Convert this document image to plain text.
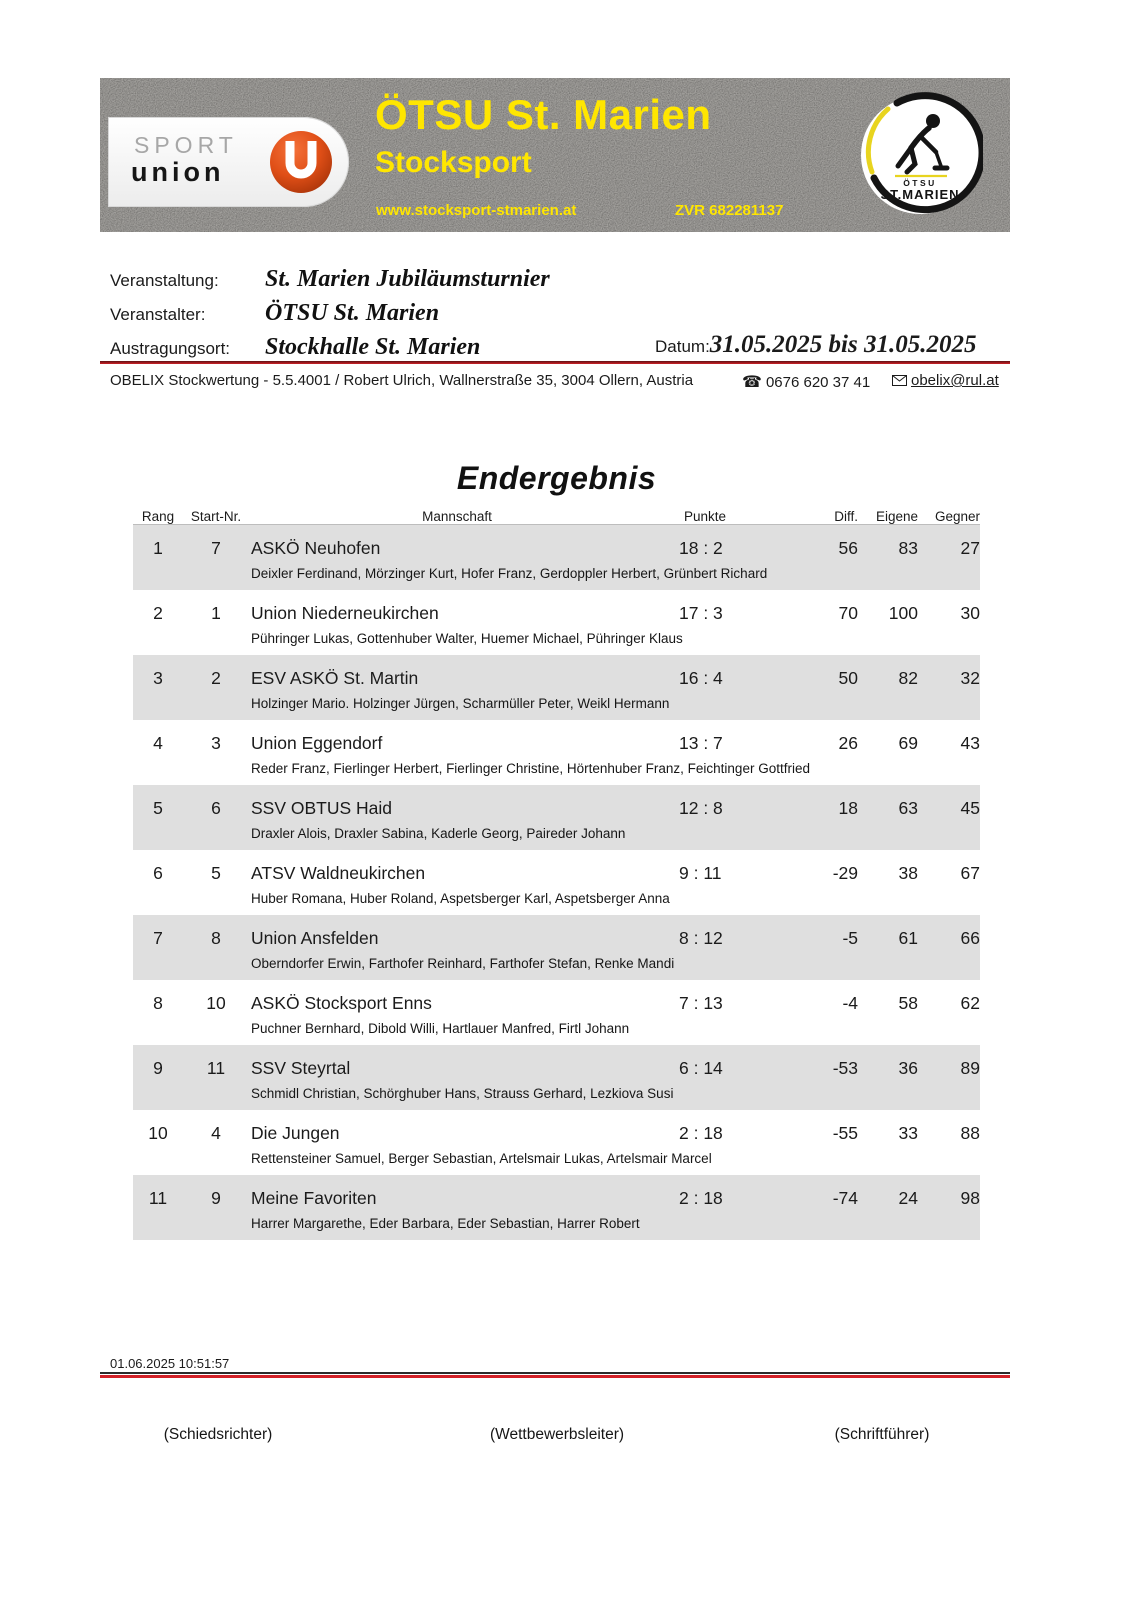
SPORT
union
ÖTSU St. Marien
Stocksport
www.stocksport-stmarien.at	ZVR 682281137
ÖTSU
ST.MARIEN
Veranstaltung:	St. Marien Jubiläumsturnier
Veranstalter:	ÖTSU St. Marien
Austragungsort:	Stockhalle St. Marien	Datum: 31.05.2025 bis 31.05.2025
OBELIX Stockwertung - 5.5.4001 / Robert Ulrich, Wallnerstraße 35, 3004 Ollern, Austria	☎ 0676 620 37 41	obelix@rul.at
Endergebnis
Rang	Start-Nr.	Mannschaft	Punkte	Diff.	Eigene	Gegner
1	7	ASKÖ Neuhofen	18 : 2	56	83	27
Deixler Ferdinand, Mörzinger Kurt, Hofer Franz, Gerdoppler Herbert, Grünbert Richard
2	1	Union Niederneukirchen	17 : 3	70	100	30
Pühringer Lukas, Gottenhuber Walter, Huemer Michael, Pühringer Klaus
3	2	ESV ASKÖ St. Martin	16 : 4	50	82	32
Holzinger Mario. Holzinger Jürgen, Scharmüller Peter, Weikl Hermann
4	3	Union Eggendorf	13 : 7	26	69	43
Reder Franz, Fierlinger Herbert, Fierlinger Christine, Hörtenhuber Franz, Feichtinger Gottfried
5	6	SSV OBTUS Haid	12 : 8	18	63	45
Draxler Alois, Draxler Sabina, Kaderle Georg, Paireder Johann
6	5	ATSV Waldneukirchen	9 : 11	-29	38	67
Huber Romana, Huber Roland, Aspetsberger Karl, Aspetsberger Anna
7	8	Union Ansfelden	8 : 12	-5	61	66
Oberndorfer Erwin, Farthofer Reinhard, Farthofer Stefan, Renke Mandi
8	10	ASKÖ Stocksport Enns	7 : 13	-4	58	62
Puchner Bernhard, Dibold Willi, Hartlauer Manfred, Firtl Johann
9	11	SSV Steyrtal	6 : 14	-53	36	89
Schmidl Christian, Schörghuber Hans, Strauss Gerhard, Lezkiova Susi
10	4	Die Jungen	2 : 18	-55	33	88
Rettensteiner Samuel, Berger Sebastian, Artelsmair Lukas, Artelsmair Marcel
11	9	Meine Favoriten	2 : 18	-74	24	98
Harrer Margarethe, Eder Barbara, Eder Sebastian, Harrer Robert
01.06.2025 10:51:57
(Schiedsrichter)	(Wettbewerbsleiter)	(Schriftführer)
